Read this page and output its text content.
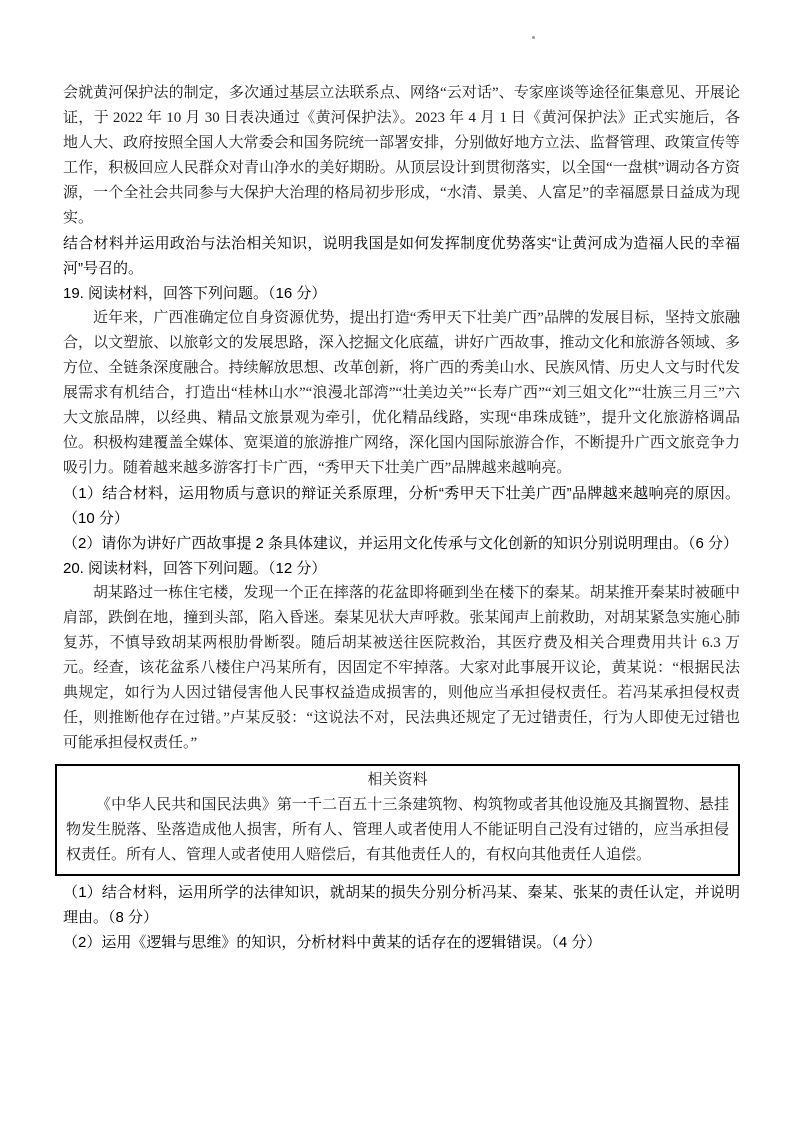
会就黄河保护法的制定，多次通过基层立法联系点、网络“云对话”、专家座谈等途径征集意见、开展论证，于 2022 年 10 月 30 日表决通过《黄河保护法》。2023 年 4 月 1 日《黄河保护法》正式实施后，各地人大、政府按照全国人大常委会和国务院统一部署安排，分别做好地方立法、监督管理、政策宣传等工作，积极回应人民群众对青山净水的美好期盼。从顶层设计到贯彻落实，以全国“一盘棋”调动各方资源，一个全社会共同参与大保护大治理的格局初步形成，“水清、景美、人富足”的幸福愿景日益成为现实。

结合材料并运用政治与法治相关知识，说明我国是如何发挥制度优势落实“让黄河成为造福人民的幸福河”号召的。

19. 阅读材料，回答下列问题。（16 分）

近年来，广西准确定位自身资源优势，提出打造“秀甲天下壮美广西”品牌的发展目标，坚持文旅融合，以文塑旅、以旅彰文的发展思路，深入挖掘文化底蕴，讲好广西故事，推动文化和旅游各领域、多方位、全链条深度融合。持续解放思想、改革创新，将广西的秀美山水、民族风情、历史人文与时代发展需求有机结合，打造出“桂林山水”“浪漫北部湾”“壮美边关”“长寿广西”“刘三姐文化”“壮族三月三”六大文旅品牌，以经典、精品文旅景观为牵引，优化精品线路，实现“串珠成链”，提升文化旅游格调品位。积极构建覆盖全媒体、宽渠道的旅游推广网络，深化国内国际旅游合作，不断提升广西文旅竞争力吸引力。随着越来越多游客打卡广西，“秀甲天下壮美广西”品牌越来越响亮。

（1）结合材料，运用物质与意识的辩证关系原理，分析“秀甲天下壮美广西”品牌越来越响亮的原因。（10 分）

（2）请你为讲好广西故事提 2 条具体建议，并运用文化传承与文化创新的知识分别说明理由。（6 分）

20. 阅读材料，回答下列问题。（12 分）

胡某路过一栋住宅楼，发现一个正在摔落的花盆即将砸到坐在楼下的秦某。胡某推开秦某时被砸中肩部，跌倒在地，撞到头部，陷入昏迷。秦某见状大声呼救。张某闻声上前救助，对胡某紧急实施心肺复苏，不慎导致胡某两根肋骨断裂。随后胡某被送往医院救治，其医疗费及相关合理费用共计 6.3 万元。经查，该花盆系八楼住户冯某所有，因固定不牢掉落。大家对此事展开议论，黄某说：“根据民法典规定，如行为人因过错侵害他人民事权益造成损害的，则他应当承担侵权责任。若冯某承担侵权责任，则推断他存在过错。”卢某反驳：“这说法不对，民法典还规定了无过错责任，行为人即使无过错也可能承担侵权责任。”

相关资料

《中华人民共和国民法典》第一千二百五十三条建筑物、构筑物或者其他设施及其搁置物、悬挂物发生脱落、坠落造成他人损害，所有人、管理人或者使用人不能证明自己没有过错的，应当承担侵权责任。所有人、管理人或者使用人赔偿后，有其他责任人的，有权向其他责任人追偿。

（1）结合材料，运用所学的法律知识，就胡某的损失分别分析冯某、秦某、张某的责任认定，并说明理由。（8 分）

（2）运用《逻辑与思维》的知识，分析材料中黄某的话存在的逻辑错误。（4 分）
